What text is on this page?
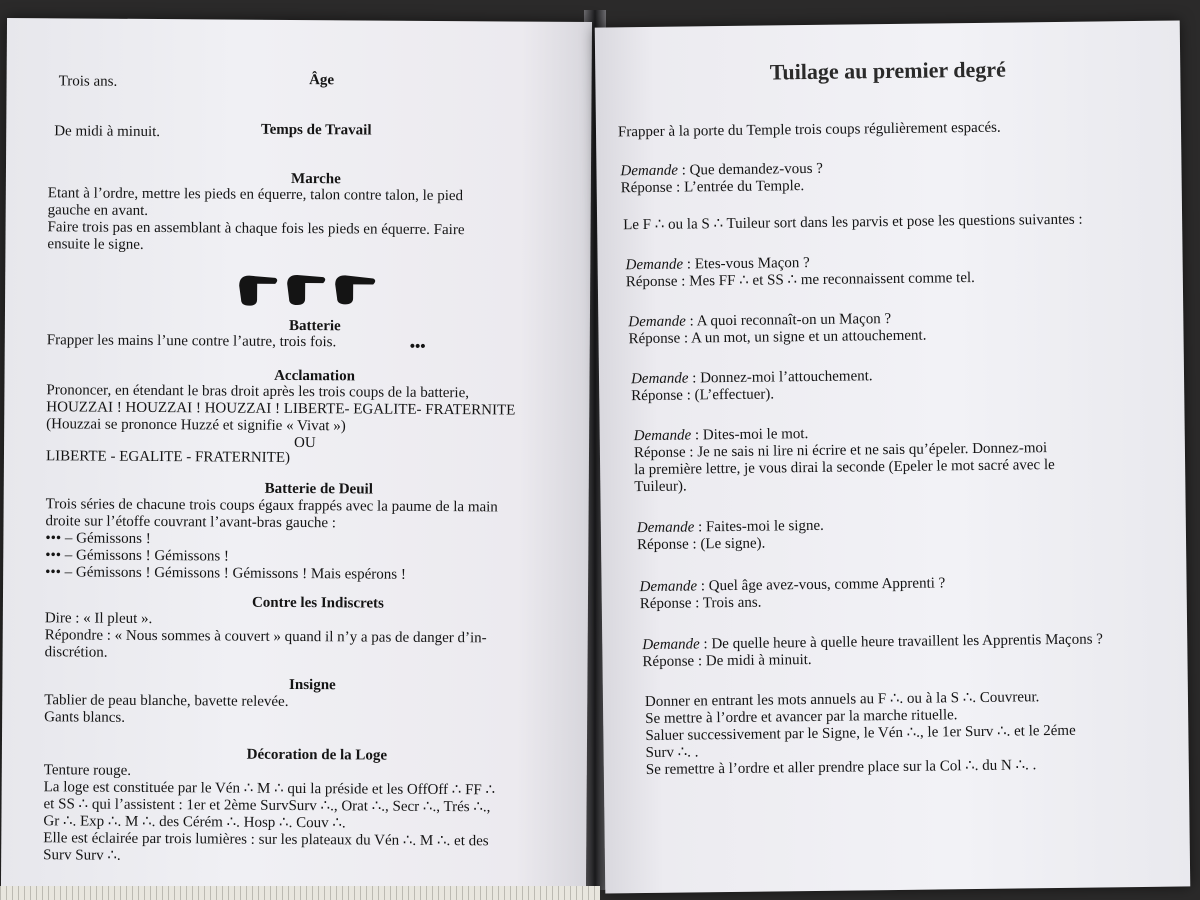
Trois ans.	Âge
Temps de Travail
De midi à minuit.
Marche
Etant à l’ordre, mettre les pieds en équerre, talon contre talon, le pied
gauche en avant.
Faire trois pas en assemblant à chaque fois les pieds en équerre. Faire
ensuite le signe.
Batterie
Frapper les mains l’une contre l’autre, trois fois.	•••
Acclamation
Prononcer, en étendant le bras droit après les trois coups de la batterie,
HOUZZAI ! HOUZZAI ! HOUZZAI ! LIBERTE- EGALITE- FRATERNITE
(Houzzai se prononce Huzzé et signifie « Vivat »)
OU
LIBERTE - EGALITE - FRATERNITE)
Batterie de Deuil
Trois séries de chacune trois coups égaux frappés avec la paume de la main
droite sur l’étoffe couvrant l’avant-bras gauche :
••• – Gémissons !
••• – Gémissons ! Gémissons !
••• – Gémissons ! Gémissons ! Gémissons ! Mais espérons !
Contre les Indiscrets
Dire : « Il pleut ».
Répondre : « Nous sommes à couvert » quand il n’y a pas de danger d’in-
discrétion.
Insigne
Tablier de peau blanche, bavette relevée.
Gants blancs.
Décoration de la Loge
Tenture rouge.
La loge est constituée par le Vén ∴ M ∴ qui la préside et les OffOff ∴ FF ∴
et SS ∴ qui l’assistent : 1er et 2ème SurvSurv ∴., Orat ∴., Secr ∴., Trés ∴.,
Gr ∴. Exp ∴. M ∴. des Cérém ∴. Hosp ∴. Couv ∴.
Elle est éclairée par trois lumières : sur les plateaux du Vén ∴. M ∴. et des
Surv Surv ∴.
Tuilage au premier degré
Frapper à la porte du Temple trois coups régulièrement espacés.
Demande : Que demandez-vous ?
Réponse : L’entrée du Temple.
Le F ∴ ou la S ∴ Tuileur sort dans les parvis et pose les questions suivantes :
Demande : Etes-vous Maçon ?
Réponse : Mes FF ∴ et SS ∴ me reconnaissent comme tel.
Demande : A quoi reconnaît-on un Maçon ?
Réponse : A un mot, un signe et un attouchement.
Demande : Donnez-moi l’attouchement.
Réponse : (L’effectuer).
Demande : Dites-moi le mot.
Réponse : Je ne sais ni lire ni écrire et ne sais qu’épeler. Donnez-moi
la première lettre, je vous dirai la seconde (Epeler le mot sacré avec le
Tuileur).
Demande : Faites-moi le signe.
Réponse : (Le signe).
Demande : Quel âge avez-vous, comme Apprenti ?
Réponse : Trois ans.
Demande : De quelle heure à quelle heure travaillent les Apprentis Maçons ?
Réponse : De midi à minuit.
Donner en entrant les mots annuels au F ∴. ou à la S ∴. Couvreur.
Se mettre à l’ordre et avancer par la marche rituelle.
Saluer successivement par le Signe, le Vén ∴., le 1er Surv ∴. et le 2éme
Surv ∴. .
Se remettre à l’ordre et aller prendre place sur la Col ∴. du N ∴. .
